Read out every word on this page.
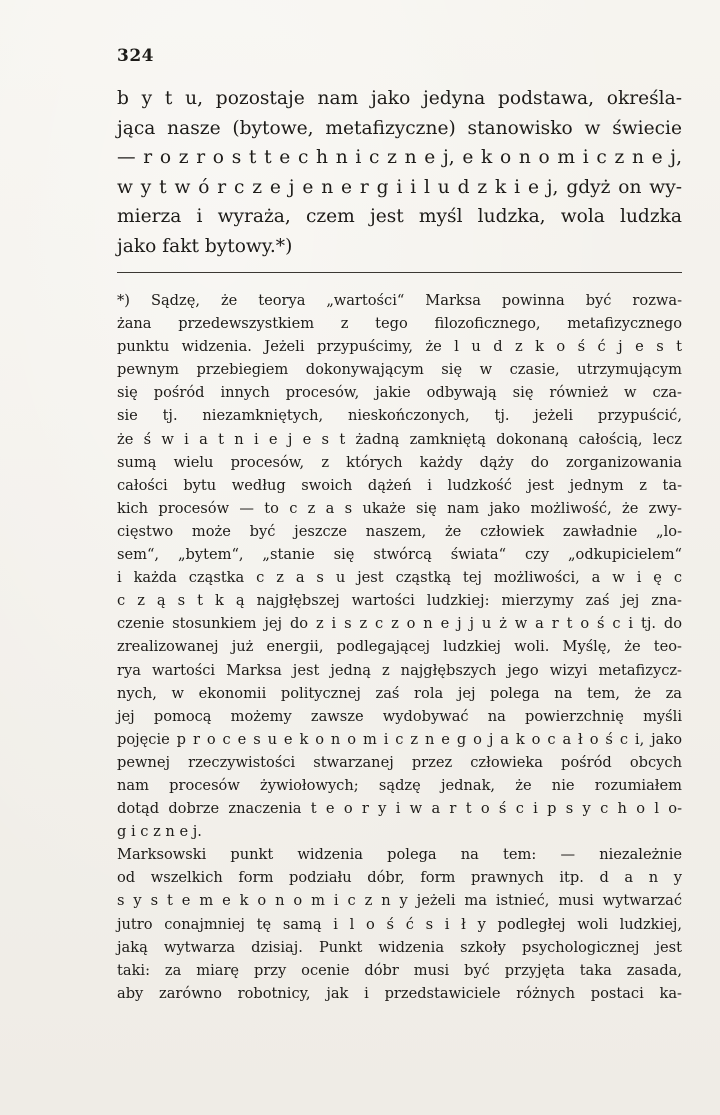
324
b y t u, pozostaje nam jako jedyna podstawa, określa-
jąca nasze (bytowe, metafizyczne) stanowisko w świecie
— r o z r o s t t e c h n i c z n e j, e k o n o m i c z n e j,
w y t w ó r c z e j e n e r g i i l u d z k i e j, gdyż on wy-
mierza i wyraża, czem jest myśl ludzka, wola ludzka
jako fakt bytowy.*)
*) Sądzę, że teorya „wartości“ Marksa powinna być rozwa-
żana przedewszystkiem z tego filozoficznego, metafizycznego
punktu widzenia. Jeżeli przypuścimy, że l u d z k o ś ć j e s t
pewnym przebiegiem dokonywającym się w czasie, utrzymującym
się pośród innych procesów, jakie odbywają się również w cza-
sie tj. niezamkniętych, nieskończonych, tj. jeżeli przypuścić,
że ś w i a t n i e j e s t żadną zamkniętą dokonaną całością, lecz
sumą wielu procesów, z których każdy dąży do zorganizowania
całości bytu według swoich dążeń i ludzkość jest jednym z ta-
kich procesów — to c z a s ukaże się nam jako możliwość, że zwy-
cięstwo może być jeszcze naszem, że człowiek zawładnie „lo-
sem“, „bytem“, „stanie się stwórcą świata“ czy „odkupicielem“
i każda cząstka c z a s u jest cząstką tej możliwości, a w i ę c
c z ą s t k ą najgłębszej wartości ludzkiej: mierzymy zaś jej zna-
czenie stosunkiem jej do z i s z c z o n e j j u ż w a r t o ś c i tj. do
zrealizowanej już energii, podlegającej ludzkiej woli. Myślę, że teo-
rya wartości Marksa jest jedną z najgłębszych jego wizyi metafizycz-
nych, w ekonomii politycznej zaś rola jej polega na tem, że za
jej pomocą możemy zawsze wydobywać na powierzchnię myśli
pojęcie p r o c e s u e k o n o m i c z n e g o j a k o c a ł o ś c i, jako
pewnej rzeczywistości stwarzanej przez człowieka pośród obcych
nam procesów żywiołowych; sądzę jednak, że nie rozumiałem
dotąd dobrze znaczenia t e o r y i w a r t o ś c i p s y c h o l o-
g i c z n e j.
Marksowski punkt widzenia polega na tem: — niezależnie
od wszelkich form podziału dóbr, form prawnych itp. d a n y
s y s t e m e k o n o m i c z n y jeżeli ma istnieć, musi wytwarzać
jutro conajmniej tę samą i l o ś ć s i ł y podległej woli ludzkiej,
jaką wytwarza dzisiaj. Punkt widzenia szkoły psychologicznej jest
taki: za miarę przy ocenie dóbr musi być przyjęta taka zasada,
aby zarówno robotnicy, jak i przedstawiciele różnych postaci ka-
